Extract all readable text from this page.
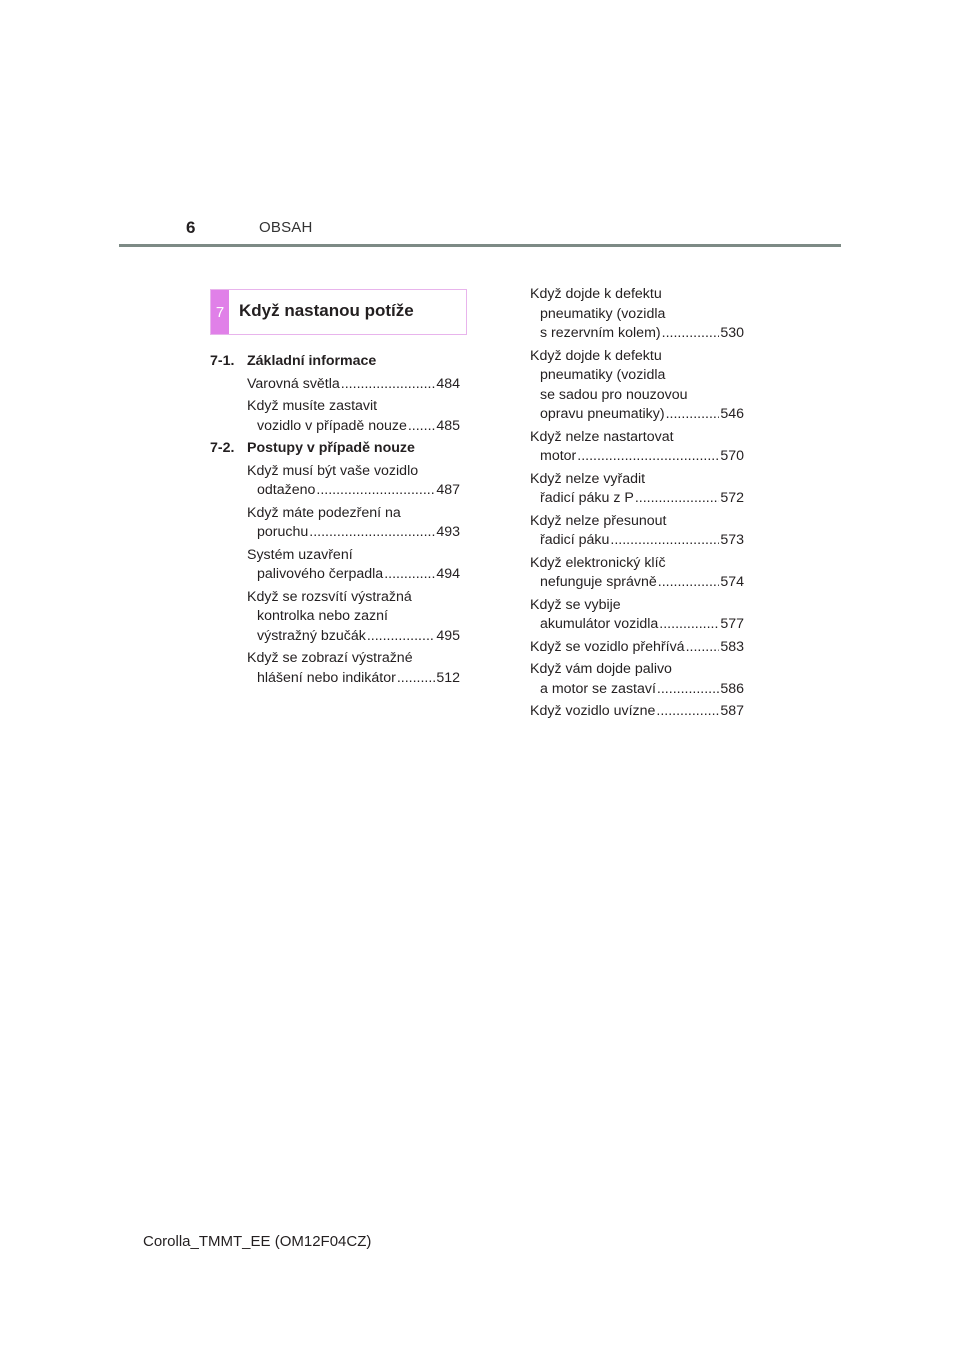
6	OBSAH
7 Když nastanou potíže
7-1. Základní informace
Varovná světla .....	484
Když musíte zastavit
vozidlo v případě nouze ..... 485
7-2. Postupy v případě nouze
Když musí být vaše vozidlo
odtaženo .....	487
Když máte podezření na
poruchu .....	493
Systém uzavření
palivového čerpadla .....	494
Když se rozsvítí výstražná
kontrolka nebo zazní
výstražný bzučák .....	495
Když se zobrazí výstražné
hlášení nebo indikátor .....	512
Když dojde k defektu
pneumatiky (vozidla
s rezervním kolem) .....	530
Když dojde k defektu
pneumatiky (vozidla
se sadou pro nouzovou
opravu pneumatiky) .....	546
Když nelze nastartovat
motor .....	570
Když nelze vyřadit
řadicí páku z P .....	572
Když nelze přesunout
řadicí páku .....	573
Když elektronický klíč
nefunguje správně .....	574
Když se vybije
akumulátor vozidla .....	577
Když se vozidlo přehřívá .....	583
Když vám dojde palivo
a motor se zastaví .....	586
Když vozidlo uvízne .....	587
Corolla_TMMT_EE (OM12F04CZ)
